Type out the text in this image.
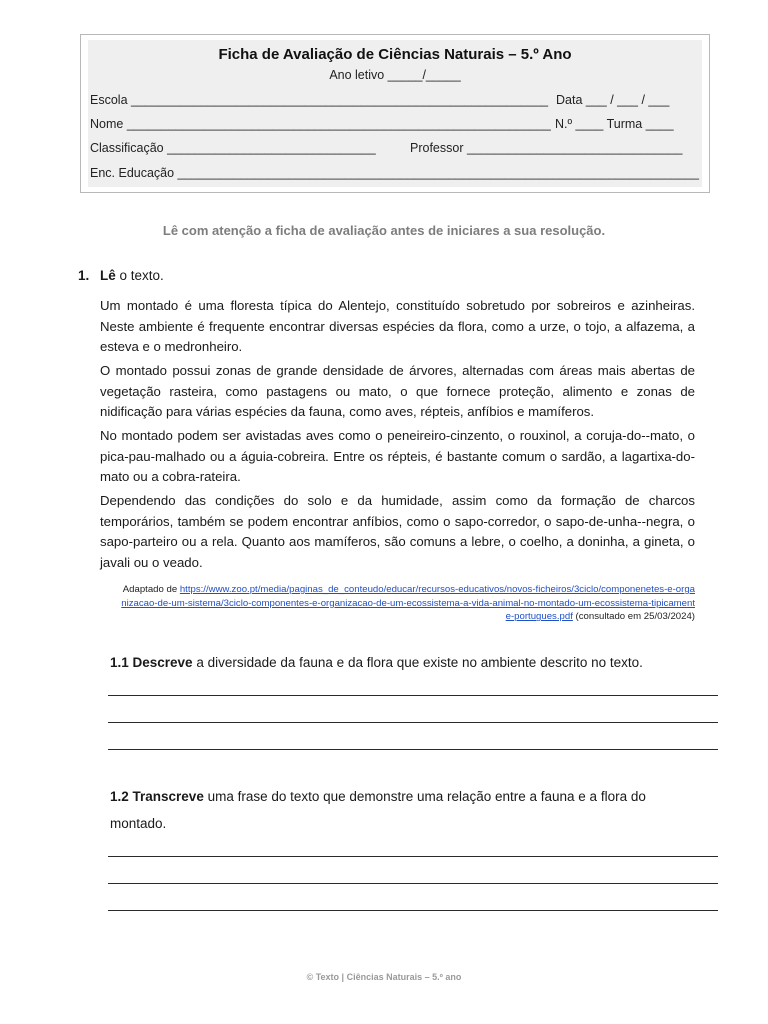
Ficha de Avaliação de Ciências Naturais – 5.º Ano
Ano letivo _____/_____
Escola ____________________________________________________________ Data ___ / ___ / ___
Nome _____________________________________________________________ N.º ____ Turma ____
Classificação ______________________________	Professor _______________________________
Enc. Educação ___________________________________________________________________________
Lê com atenção a ficha de avaliação antes de iniciares a sua resolução.
1. Lê o texto.

Um montado é uma floresta típica do Alentejo, constituído sobretudo por sobreiros e azinheiras. Neste ambiente é frequente encontrar diversas espécies da flora, como a urze, o tojo, a alfazema, a esteva e o medronheiro.

O montado possui zonas de grande densidade de árvores, alternadas com áreas mais abertas de vegetação rasteira, como pastagens ou mato, o que fornece proteção, alimento e zonas de nidificação para várias espécies da fauna, como aves, répteis, anfíbios e mamíferos.

No montado podem ser avistadas aves como o peneireiro-cinzento, o rouxinol, a coruja-do--mato, o pica-pau-malhado ou a águia-cobreira. Entre os répteis, é bastante comum o sardão, a lagartixa-do-mato ou a cobra-rateira.

Dependendo das condições do solo e da humidade, assim como da formação de charcos temporários, também se podem encontrar anfíbios, como o sapo-corredor, o sapo-de-unha--negra, o sapo-parteiro ou a rela. Quanto aos mamíferos, são comuns a lebre, o coelho, a doninha, a gineta, o javali ou o veado.

Adaptado de https://www.zoo.pt/media/paginas_de_conteudo/educar/recursos-educativos/novos-ficheiros/3ciclo/componenetes-e-organizacao-de-um-sistema/3ciclo-componentes-e-organizacao-de-um-ecossistema-a-vida-animal-no-montado-um-ecossistema-tipicamente-portugues.pdf (consultado em 25/03/2024)
1.1 Descreve a diversidade da fauna e da flora que existe no ambiente descrito no texto.
1.2 Transcreve uma frase do texto que demonstre uma relação entre a fauna e a flora do
montado.
© Texto | Ciências Naturais – 5.º ano
